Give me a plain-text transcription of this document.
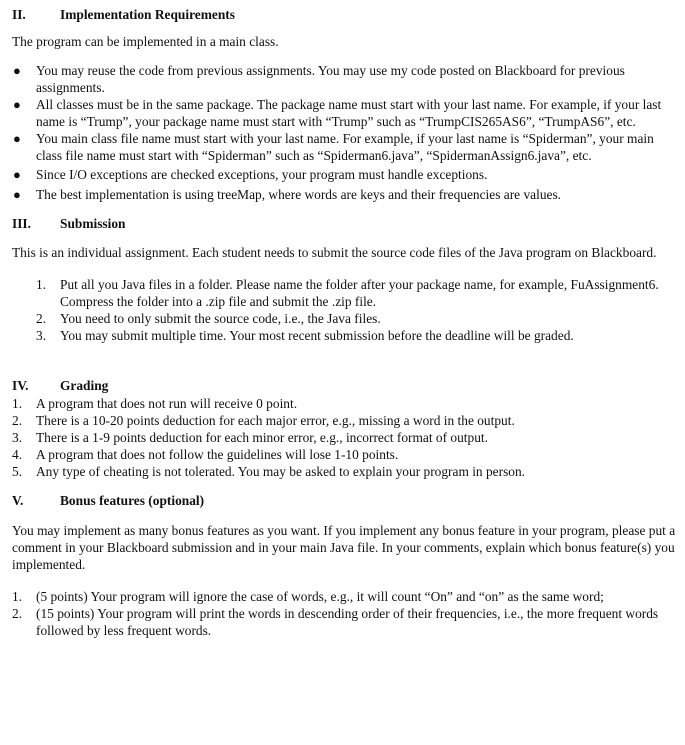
II.	Implementation Requirements

The program can be implemented in a main class.

● You may reuse the code from previous assignments. You may use my code posted on Blackboard for previous assignments.
● All classes must be in the same package. The package name must start with your last name. For example, if your last name is “Trump”, your package name must start with “Trump” such as “TrumpCIS265AS6”, “TrumpAS6”, etc.
● You main class file name must start with your last name. For example, if your last name is “Spiderman”, your main class file name must start with “Spiderman” such as “Spiderman6.java”, “SpidermanAssign6.java”, etc.
● Since I/O exceptions are checked exceptions, your program must handle exceptions.
● The best implementation is using treeMap, where words are keys and their frequencies are values.
III.	Submission

This is an individual assignment. Each student needs to submit the source code files of the Java program on Blackboard.

1. Put all you Java files in a folder. Please name the folder after your package name, for example, FuAssignment6. Compress the folder into a .zip file and submit the .zip file.
2. You need to only submit the source code, i.e., the Java files.
3. You may submit multiple time. Your most recent submission before the deadline will be graded.
IV.	Grading
1. A program that does not run will receive 0 point.
2. There is a 10-20 points deduction for each major error, e.g., missing a word in the output.
3. There is a 1-9 points deduction for each minor error, e.g., incorrect format of output.
4. A program that does not follow the guidelines will lose 1-10 points.
5. Any type of cheating is not tolerated. You may be asked to explain your program in person.
V.	Bonus features (optional)

You may implement as many bonus features as you want. If you implement any bonus feature in your program, please put a comment in your Blackboard submission and in your main Java file. In your comments, explain which bonus feature(s) you implemented.

1. (5 points) Your program will ignore the case of words, e.g., it will count “On” and “on” as the same word;
2. (15 points) Your program will print the words in descending order of their frequencies, i.e., the more frequent words followed by less frequent words.
